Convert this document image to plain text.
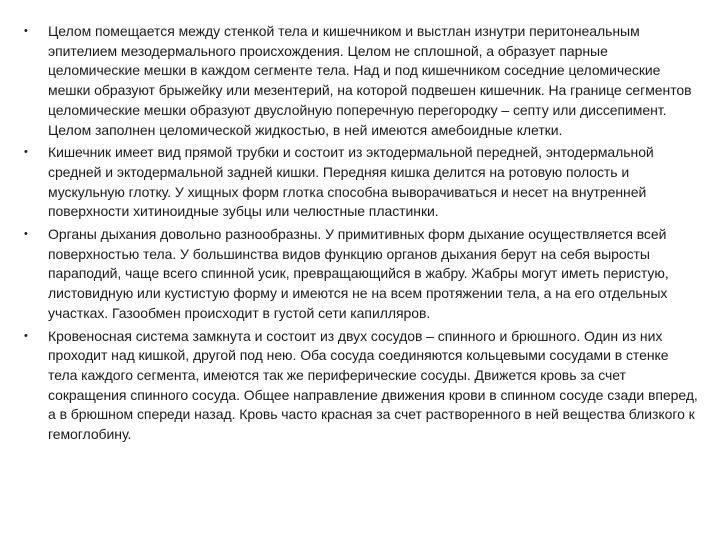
• Целом помещается между стенкой тела и кишечником и выстлан изнутри перитонеальным эпителием мезодермального происхождения. Целом не сплошной, а образует парные целомические мешки в каждом сегменте тела. Над и под кишечником соседние целомические мешки образуют брыжейку или мезентерий, на которой подвешен кишечник. На границе сегментов целомические мешки образуют двуслойную поперечную перегородку – септу или диссепимент. Целом заполнен целомической жидкостью, в ней имеются амебоидные клетки.
• Кишечник имеет вид прямой трубки и состоит из эктодермальной передней, энтодермальной средней и эктодермальной задней кишки. Передняя кишка делится на ротовую полость и мускульную глотку. У хищных форм глотка способна выворачиваться и несет на внутренней поверхности хитиноидные зубцы или челюстные пластинки.
• Органы дыхания довольно разнообразны. У примитивных форм дыхание осуществляется всей поверхностью тела. У большинства видов функцию органов дыхания берут на себя выросты параподий, чаще всего спинной усик, превращающийся в жабру. Жабры могут иметь перистую, листовидную или кустистую форму и имеются не на всем протяжении тела, а на его отдельных участках. Газообмен происходит в густой сети капилляров.
• Кровеносная система замкнута и состоит из двух сосудов – спинного и брюшного. Один из них проходит над кишкой, другой под нею. Оба сосуда соединяются кольцевыми сосудами в стенке тела каждого сегмента, имеются так же периферические сосуды. Движется кровь за счет сокращения спинного сосуда. Общее направление движения крови в спинном сосуде сзади вперед, а в брюшном спереди назад. Кровь часто красная за счет растворенного в ней вещества близкого к гемоглобину.
